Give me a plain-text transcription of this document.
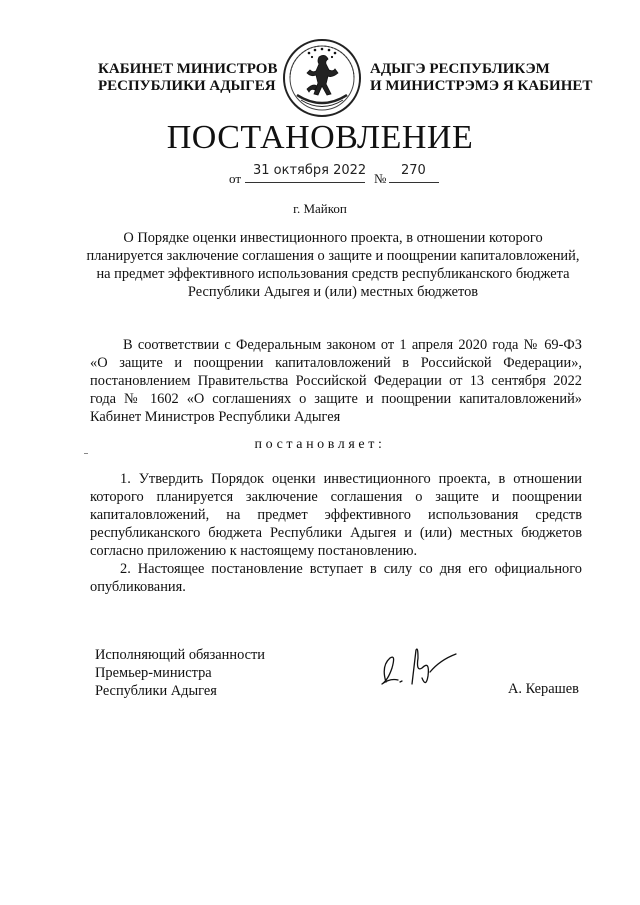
КАБИНЕТ МИНИСТРОВ
РЕСПУБЛИКИ АДЫГЕЯ
АДЫГЭ РЕСПУБЛИКЭМ
И МИНИСТРЭМЭ Я КАБИНЕТ
ПОСТАНОВЛЕНИЕ
от
31 октября 2022
№
270
г. Майкоп
О Порядке оценки инвестиционного проекта, в отношении которого планируется заключение соглашения о защите и поощрении капиталовложений, на предмет эффективного использования средств республиканского бюджета Республики Адыгея и (или) местных бюджетов
В соответствии с Федеральным законом от 1 апреля 2020 года № 69-ФЗ «О защите и поощрении капиталовложений в Российской Федерации», постановлением Правительства Российской Федерации от 13 сентября 2022 года № 1602 «О соглашениях о защите и поощрении капиталовложений» Кабинет Министров Республики Адыгея
постановляет:

1. Утвердить Порядок оценки инвестиционного проекта, в отношении которого планируется заключение соглашения о защите и поощрении капиталовложений, на предмет эффективного использования средств республиканского бюджета Республики Адыгея и (или) местных бюджетов согласно приложению к настоящему постановлению.

2. Настоящее постановление вступает в силу со дня его официального опубликования.

Исполняющий обязанности
Премьер-министра
Республики Адыгея	А. Керашев
